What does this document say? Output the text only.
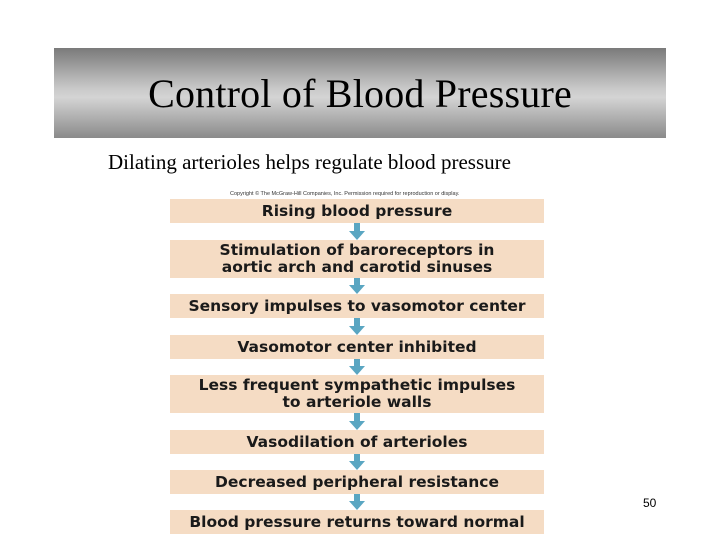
Control of Blood Pressure
Dilating arterioles helps regulate blood pressure
Copyright © The McGraw-Hill Companies, Inc. Permission required for reproduction or display.
Rising blood pressure
Stimulation of baroreceptors in
aortic arch and carotid sinuses
Sensory impulses to vasomotor center
Vasomotor center inhibited
Less frequent sympathetic impulses
to arteriole walls
Vasodilation of arterioles
Decreased peripheral resistance
Blood pressure returns toward normal
50
